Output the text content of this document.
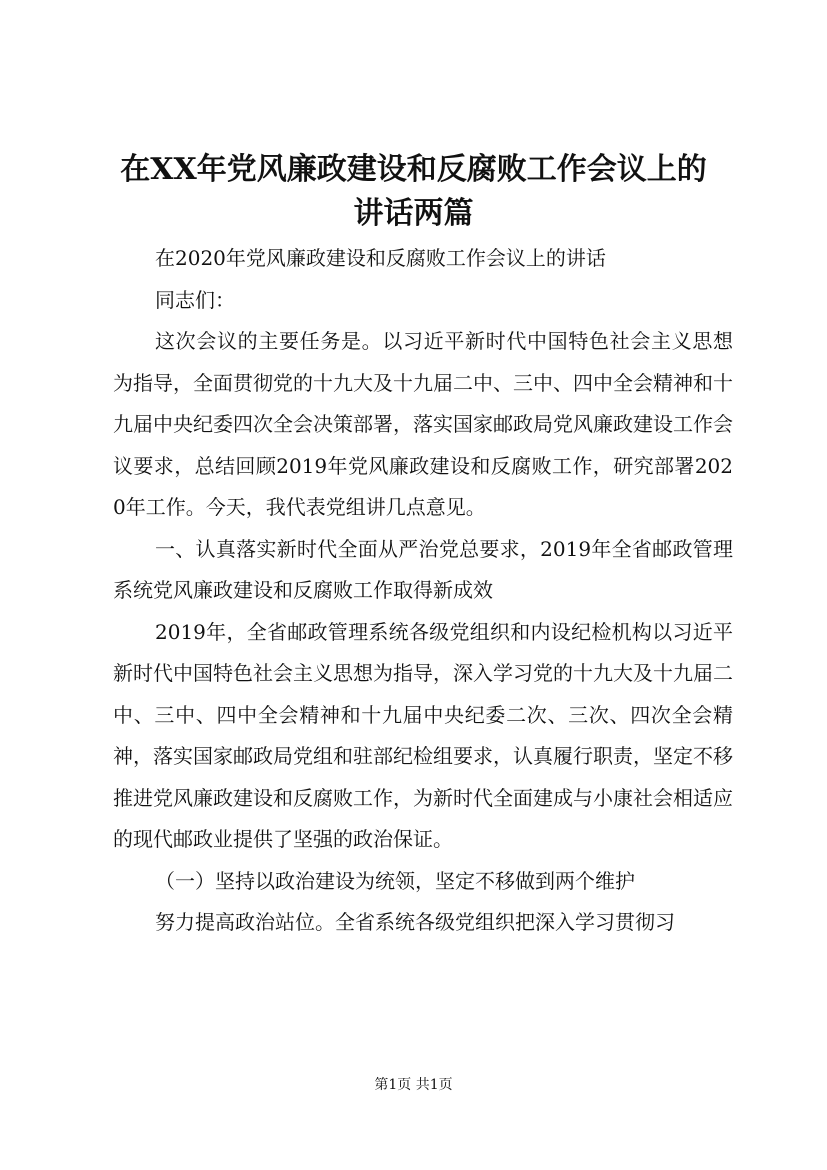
在XX年党风廉政建设和反腐败工作会议上的
讲话两篇

在2020年党风廉政建设和反腐败工作会议上的讲话

同志们：

这次会议的主要任务是。以习近平新时代中国特色社会主义思想为指导，全面贯彻党的十九大及十九届二中、三中、四中全会精神和十九届中央纪委四次全会决策部署，落实国家邮政局党风廉政建设工作会议要求，总结回顾2019年党风廉政建设和反腐败工作，研究部署2020年工作。今天，我代表党组讲几点意见。

一、认真落实新时代全面从严治党总要求，2019年全省邮政管理系统党风廉政建设和反腐败工作取得新成效

2019年，全省邮政管理系统各级党组织和内设纪检机构以习近平新时代中国特色社会主义思想为指导，深入学习党的十九大及十九届二中、三中、四中全会精神和十九届中央纪委二次、三次、四次全会精神，落实国家邮政局党组和驻部纪检组要求，认真履行职责，坚定不移推进党风廉政建设和反腐败工作，为新时代全面建成与小康社会相适应的现代邮政业提供了坚强的政治保证。

（一）坚持以政治建设为统领，坚定不移做到两个维护

努力提高政治站位。全省系统各级党组织把深入学习贯彻习

第1页 共1页
